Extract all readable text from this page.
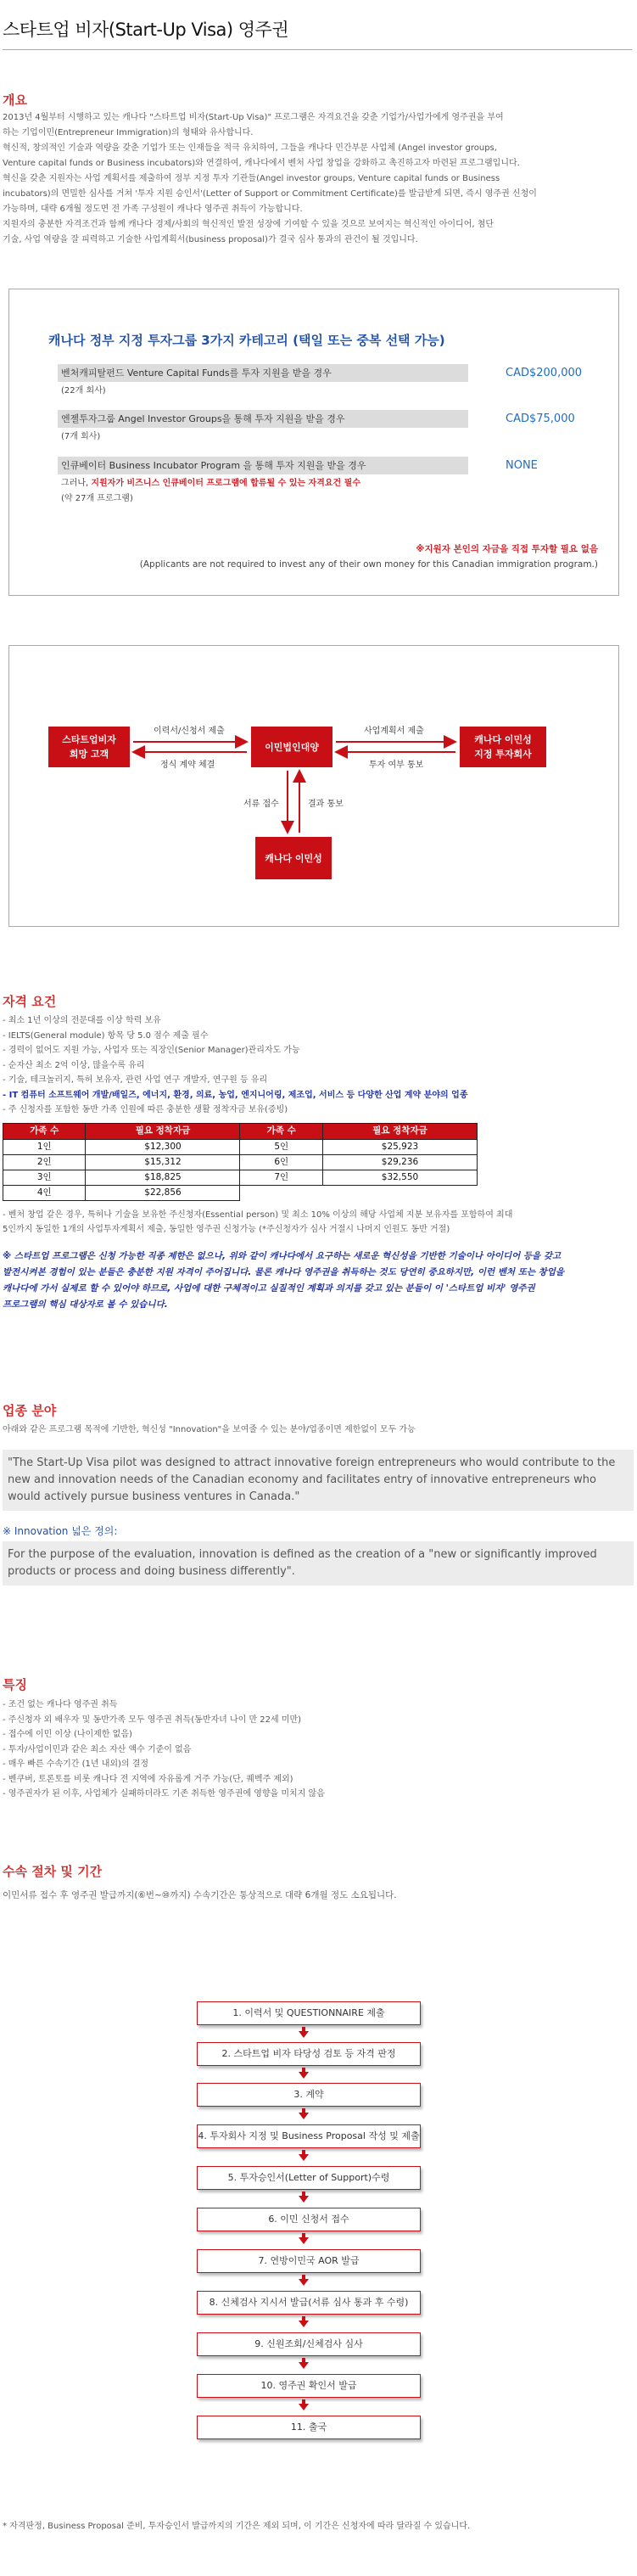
스타트업 비자(Start-Up Visa) 영주권
개요
2013년 4월부터 시행하고 있는 캐나다 "스타트업 비자(Start-Up Visa)" 프로그램은 자격요건을 갖춘 기업가/사업가에게 영주권을 부여
하는 기업이민(Entrepreneur Immigration)의 형태와 유사합니다.
혁신적, 창의적인 기술과 역량을 갖춘 기업가 또는 인재들을 적극 유치하여, 그들을 캐나다 민간부문 사업체 (Angel investor groups,
Venture capital funds or Business incubators)와 연결하여, 캐나다에서 벤처 사업 창업을 강화하고 촉진하고자 마련된 프로그램입니다.
혁신을 갖춘 지원자는 사업 계획서를 제출하여 정부 지정 투자 기관들(Angel investor groups, Venture capital funds or Business
incubators)의 면밀한 심사를 거쳐 '투자 지원 승인서'(Letter of Support or Commitment Certificate)를 발급받게 되면, 즉시 영주권 신청이
가능하며, 대략 6개월 정도면 전 가족 구성원이 캐나다 영주권 취득이 가능합니다.
지원자의 충분한 자격조건과 함께 캐나다 경제/사회의 혁신적인 발전 성장에 기여할 수 있을 것으로 보여지는 혁신적인 아이디어, 첨단
기술, 사업 역량을 잘 피력하고 기술한 사업계획서(business proposal)가 결국 심사 통과의 관건이 될 것입니다.
캐나다 정부 지정 투자그룹 3가지 카테고리 (택일 또는 중복 선택 가능)
벤처캐피탈펀드 Venture Capital Funds를 투자 지원을 받을 경우	CAD$200,000
(22개 회사)
엔젤투자그룹 Angel Investor Groups을 통해 투자 지원을 받을 경우	CAD$75,000
(7개 회사)
인큐베이터 Business Incubator Program 을 통해 투자 지원을 받을 경우	NONE
그러나, 지원자가 비즈니스 인큐베이터 프로그램에 합류될 수 있는 자격요건 필수
(약 27개 프로그램)
※지원자 본인의 자금을 직접 투자할 필요 없음
(Applicants are not required to invest any of their own money for this Canadian immigration program.)
스타트업비자
희망 고객
이민법인대양
캐나다 이민성
지정 투자회사
캐나다 이민성
이력서/신청서 제출
정식 계약 체결
사업계획서 제출
투자 여부 통보
서류 접수	결과 통보
자격 요건
- 최소 1년 이상의 전문대를 이상 학력 보유
- IELTS(General module) 항목 당 5.0 점수 제출 필수
- 경력이 없어도 지원 가능, 사업자 또는 직장인(Senior Manager)관리자도 가능
- 순자산 최소 2억 이상, 많을수록 유리
- 기술, 테크놀러지, 특허 보유자, 관련 사업 연구 개발자, 연구원 등 유리
- IT 컴퓨터 소프트웨어 개발/배일즈, 에너지, 환경, 의료, 농업, 엔지니어링, 제조업, 서비스 등 다양한 산업 계약 분야의 업종
- 주 신청자를 포함한 동반 가족 인원에 따른 충분한 생활 정착자금 보유(증빙)
가족 수	필요 정착자금	가족 수	필요 정착자금
1인	$12,300	5인	$25,923
2인	$15,312	6인	$29,236
3인	$18,825	7인	$32,550
4인	$22,856		
- 벤처 창업 같은 경우, 특허나 기술을 보유한 주신청자(Essential person) 및 최소 10% 이상의 해당 사업체 지분 보유자를 포함하여 최대
5인까지 동일한 1개의 사업투자계획서 제출, 동일한 영주권 신청가능 (*주신청자가 심사 거절시 나머지 인원도 동반 거절)
※ 스타트업 프로그램은 신청 가능한 직종 제한은 없으나, 위와 같이 캐나다에서 요구하는 새로운 혁신성을 기반한 기술이나 아이디어 등을 갖고
발전시켜본 경험이 있는 분들은 충분한 지원 자격이 주어집니다. 물론 캐나다 영주권을 취득하는 것도 당연히 중요하지만, 이런 벤처 또는 창업을
캐나다에 가서 실제로 할 수 있어야 하므로, 사업에 대한 구체적이고 실질적인 계획과 의지를 갖고 있는 분들이 이 '스타트업 비자' 영주권
프로그램의 핵심 대상자로 볼 수 있습니다.
업종 분야
아래와 같은 프로그램 목적에 기반한, 혁신성 "Innovation"을 보여줄 수 있는 분야/업종이면 제한없이 모두 가능
"The Start-Up Visa pilot was designed to attract innovative foreign entrepreneurs who would contribute to the new and innovation needs of the Canadian economy and facilitates entry of innovative entrepreneurs who would actively pursue business ventures in Canada."
※ Innovation 넓은 정의:
For the purpose of the evaluation, innovation is defined as the creation of a "new or significantly improved products or process and doing business differently".
특징
- 조건 없는 캐나다 영주권 취득
- 주신청자 외 배우자 및 동반가족 모두 영주권 취득(동반자녀 나이 만 22세 미만)
- 접수에 이민 이상 (나이제한 없음)
- 투자/사업이민과 같은 최소 자산 액수 기준이 없음
- 매우 빠른 수속기간 (1년 내외)의 결정
- 벤쿠버, 토론토를 비롯 캐나다 전 지역에 자유롭게 거주 가능(단, 퀘벡주 제외)
- 영주권자가 된 이후, 사업체가 실패하더라도 기존 취득한 영주권에 영향을 미치지 않음
수속 절차 및 기간
이민서류 접수 후 영주권 발급까지(⑥번~⑩까지) 수속기간은 통상적으로 대략 6개월 정도 소요됩니다.
1. 이력서 및 QUESTIONNAIRE 제출
2. 스타트업 비자 타당성 검토 등 자격 판정
3. 계약
4. 투자회사 지정 및 Business Proposal 작성 및 제출
5. 투자승인서(Letter of Support)수령
6. 이민 신청서 접수
7. 연방이민국 AOR 발급
8. 신체검사 지시서 발급(서류 심사 통과 후 수령)
9. 신원조회/신체검사 심사
10. 영주권 확인서 발급
11. 출국
* 자격판정, Business Proposal 준비, 투자승인서 발급까지의 기간은 제외 되며, 이 기간은 신청자에 따라 달라질 수 있습니다.
